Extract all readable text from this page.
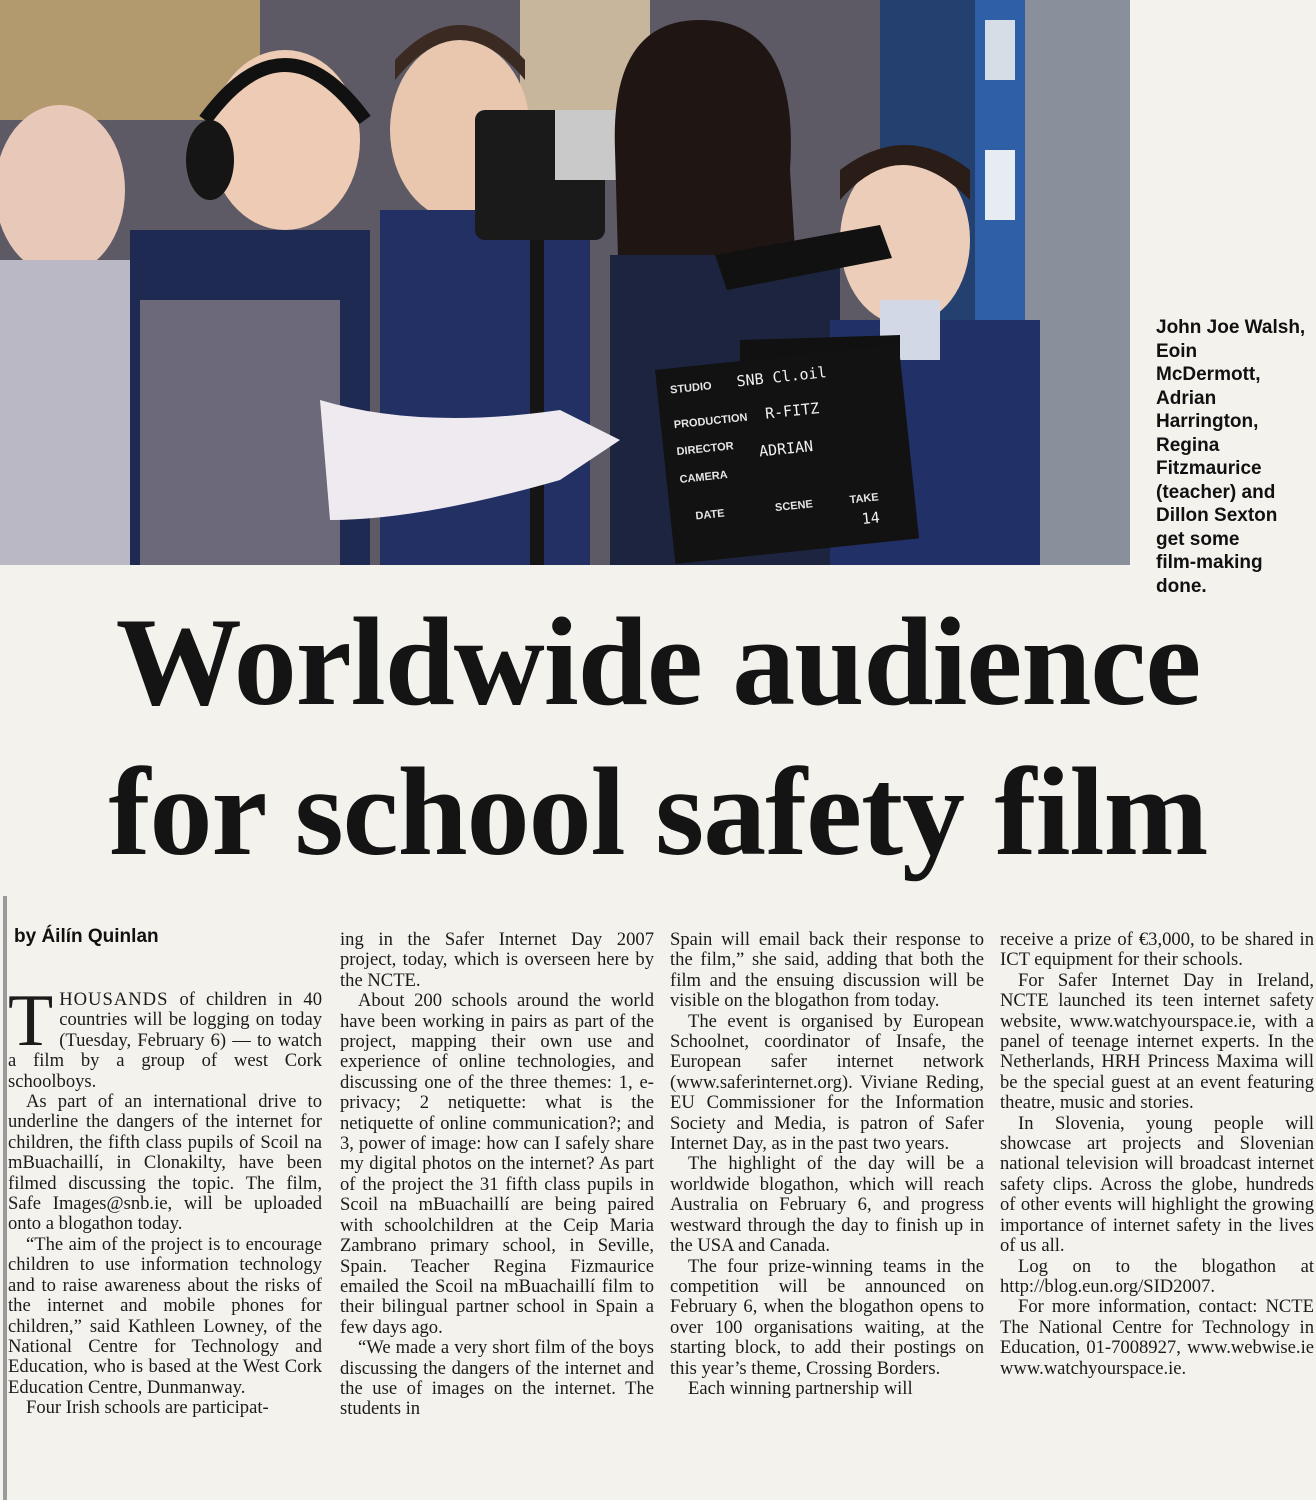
STUDIO
PRODUCTION
DIRECTOR
CAMERA
DATE
SCENE	TAKE
SNB Cl.oil
R-FITZ
ADRIAN
14
John Joe Walsh,
Eoin
McDermott,
Adrian
Harrington,
Regina
Fitzmaurice
(teacher) and
Dillon Sexton
get some
film-making
done.
Worldwide audience
for school safety film
by Áilín Quinlan

THOUSANDS of children in 40 countries will be logging on today (Tuesday, February 6) — to watch a film by a group of west Cork schoolboys.

As part of an international drive to underline the dangers of the internet for children, the fifth class pupils of Scoil na mBuachaillí, in Clonakilty, have been filmed discussing the topic. The film, Safe Images@snb.ie, will be uploaded onto a blogathon today.

“The aim of the project is to encourage children to use information technology and to raise awareness about the risks of the internet and mobile phones for children,” said Kathleen Lowney, of the National Centre for Technology and Education, who is based at the West Cork Education Centre, Dunmanway.

Four Irish schools are participat-

ing in the Safer Internet Day 2007 project, today, which is overseen here by the NCTE.

About 200 schools around the world have been working in pairs as part of the project, mapping their own use and experience of online technologies, and discussing one of the three themes: 1, e-privacy; 2 netiquette: what is the netiquette of online communication?; and 3, power of image: how can I safely share my digital photos on the internet? As part of the project the 31 fifth class pupils in Scoil na mBuachaillí are being paired with schoolchildren at the Ceip Maria Zambrano primary school, in Seville, Spain. Teacher Regina Fizmaurice emailed the Scoil na mBuachaillí film to their bilingual partner school in Spain a few days ago.

“We made a very short film of the boys discussing the dangers of the internet and the use of images on the internet. The students in

Spain will email back their response to the film,” she said, adding that both the film and the ensuing discussion will be visible on the blogathon from today.

The event is organised by European Schoolnet, coordinator of Insafe, the European safer internet network (www.saferinternet.org). Viviane Reding, EU Commissioner for the Information Society and Media, is patron of Safer Internet Day, as in the past two years.

The highlight of the day will be a worldwide blogathon, which will reach Australia on February 6, and progress westward through the day to finish up in the USA and Canada.

The four prize-winning teams in the competition will be announced on February 6, when the blogathon opens to over 100 organisations waiting, at the starting block, to add their postings on this year’s theme, Crossing Borders.

Each winning partnership will

receive a prize of €3,000, to be shared in ICT equipment for their schools.

For Safer Internet Day in Ireland, NCTE launched its teen internet safety website, www.watchyourspace.ie, with a panel of teenage internet experts. In the Netherlands, HRH Princess Maxima will be the special guest at an event featuring theatre, music and stories.

In Slovenia, young people will showcase art projects and Slovenian national television will broadcast internet safety clips. Across the globe, hundreds of other events will highlight the growing importance of internet safety in the lives of us all.

Log on to the blogathon at http://blog.eun.org/SID2007.

For more information, contact: NCTE The National Centre for Technology in Education, 01-7008927, www.webwise.ie www.watchyourspace.ie.
